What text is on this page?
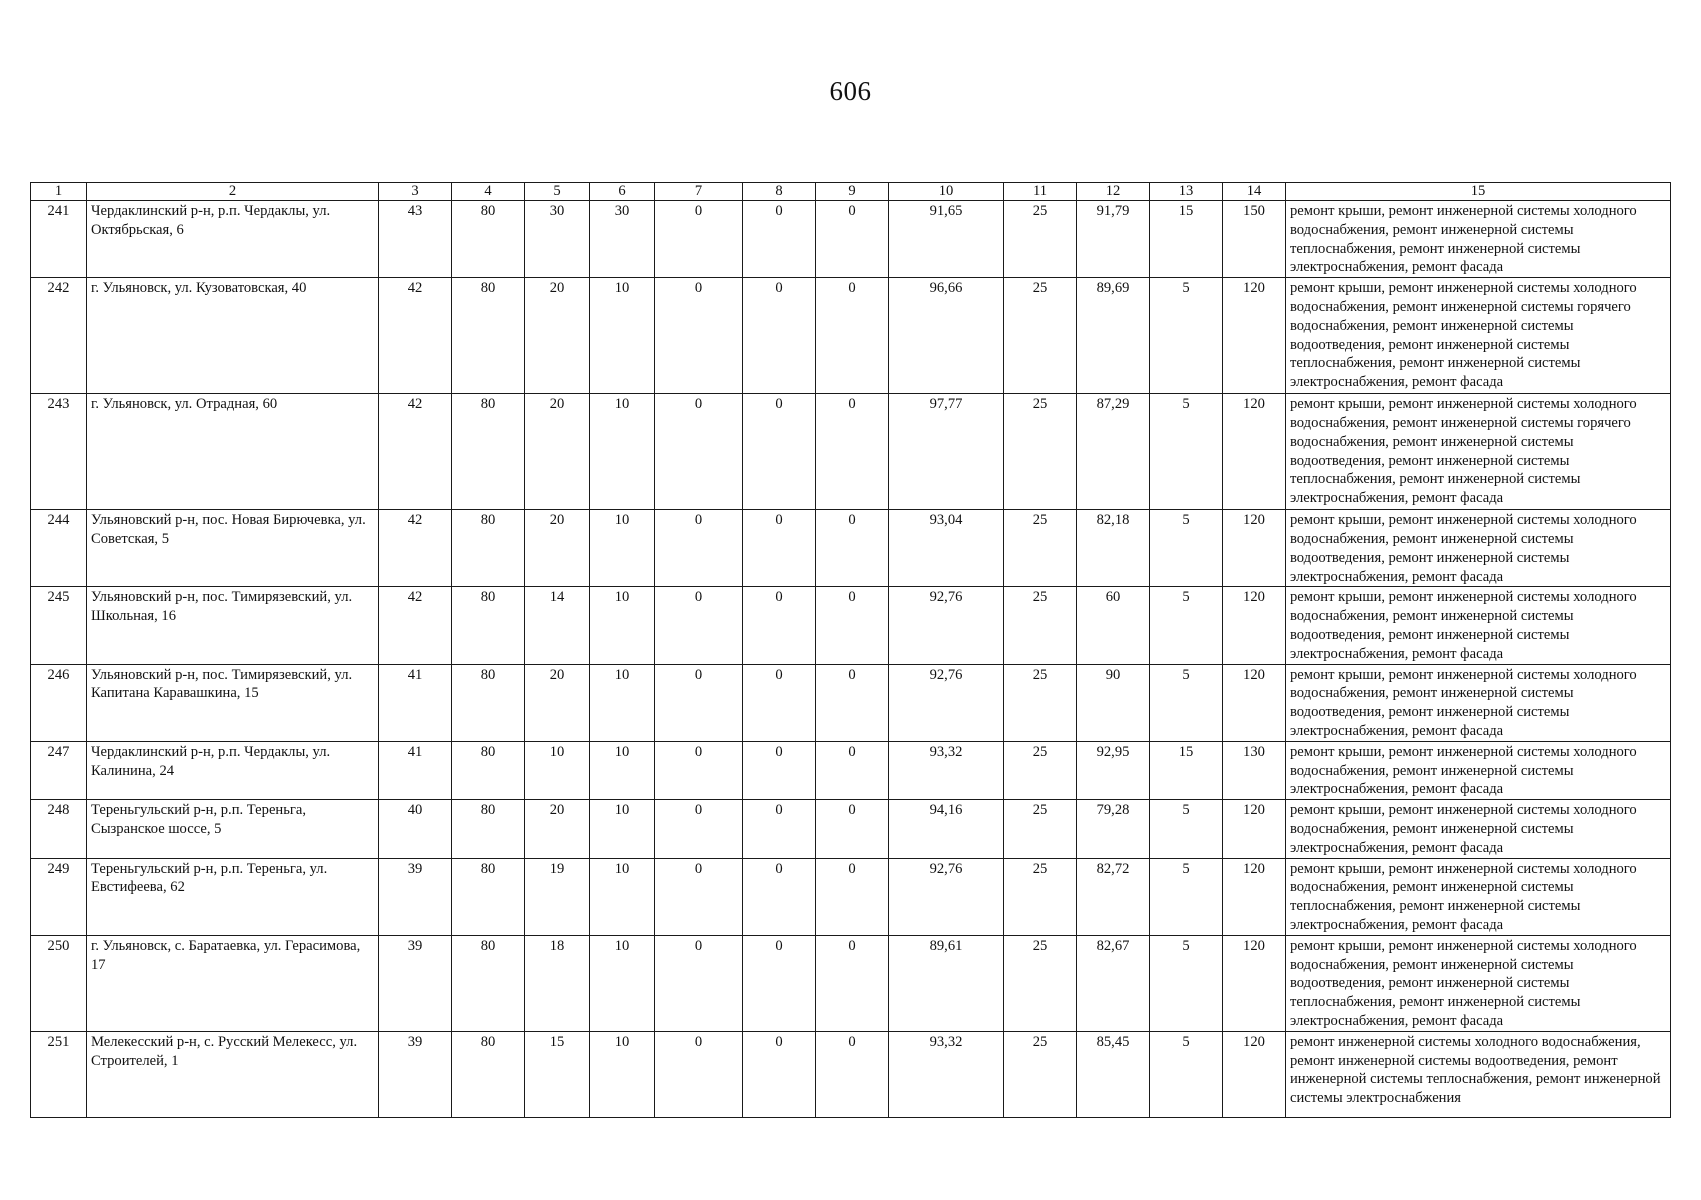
606
1	2	3	4	5	6	7	8	9	10	11	12	13	14	15
241	Чердаклинский р-н, р.п. Чердаклы, ул. Октябрьская, 6	43	80	30	30	0	0	0	91,65	25	91,79	15	150	ремонт крыши, ремонт инженерной системы холодного водоснабжения, ремонт инженерной системы теплоснабжения, ремонт инженерной системы электроснабжения, ремонт фасада
242	г. Ульяновск, ул. Кузоватовская, 40	42	80	20	10	0	0	0	96,66	25	89,69	5	120	ремонт крыши, ремонт инженерной системы холодного водоснабжения, ремонт инженерной системы горячего водоснабжения, ремонт инженерной системы водоотведения, ремонт инженерной системы теплоснабжения, ремонт инженерной системы электроснабжения, ремонт фасада
243	г. Ульяновск, ул. Отрадная, 60	42	80	20	10	0	0	0	97,77	25	87,29	5	120	ремонт крыши, ремонт инженерной системы холодного водоснабжения, ремонт инженерной системы горячего водоснабжения, ремонт инженерной системы водоотведения, ремонт инженерной системы теплоснабжения, ремонт инженерной системы электроснабжения, ремонт фасада
244	Ульяновский р-н, пос. Новая Бирючевка, ул. Советская, 5	42	80	20	10	0	0	0	93,04	25	82,18	5	120	ремонт крыши, ремонт инженерной системы холодного водоснабжения, ремонт инженерной системы водоотведения, ремонт инженерной системы электроснабжения, ремонт фасада
245	Ульяновский р-н, пос. Тимирязевский, ул. Школьная, 16	42	80	14	10	0	0	0	92,76	25	60	5	120	ремонт крыши, ремонт инженерной системы холодного водоснабжения, ремонт инженерной системы водоотведения, ремонт инженерной системы электроснабжения, ремонт фасада
246	Ульяновский р-н, пос. Тимирязевский, ул. Капитана Каравашкина, 15	41	80	20	10	0	0	0	92,76	25	90	5	120	ремонт крыши, ремонт инженерной системы холодного водоснабжения, ремонт инженерной системы водоотведения, ремонт инженерной системы электроснабжения, ремонт фасада
247	Чердаклинский р-н, р.п. Чердаклы, ул. Калинина, 24	41	80	10	10	0	0	0	93,32	25	92,95	15	130	ремонт крыши, ремонт инженерной системы холодного водоснабжения, ремонт инженерной системы электроснабжения, ремонт фасада
248	Тереньгульский р-н, р.п. Тереньга, Сызранское шоссе, 5	40	80	20	10	0	0	0	94,16	25	79,28	5	120	ремонт крыши, ремонт инженерной системы холодного водоснабжения, ремонт инженерной системы электроснабжения, ремонт фасада
249	Тереньгульский р-н, р.п. Тереньга, ул. Евстифеева, 62	39	80	19	10	0	0	0	92,76	25	82,72	5	120	ремонт крыши, ремонт инженерной системы холодного водоснабжения, ремонт инженерной системы теплоснабжения, ремонт инженерной системы электроснабжения, ремонт фасада
250	г. Ульяновск, с. Баратаевка, ул. Герасимова, 17	39	80	18	10	0	0	0	89,61	25	82,67	5	120	ремонт крыши, ремонт инженерной системы холодного водоснабжения, ремонт инженерной системы водоотведения, ремонт инженерной системы теплоснабжения, ремонт инженерной системы электроснабжения, ремонт фасада
251	Мелекесский р-н, с. Русский Мелекесс, ул. Строителей, 1	39	80	15	10	0	0	0	93,32	25	85,45	5	120	ремонт инженерной системы холодного водоснабжения, ремонт инженерной системы водоотведения, ремонт инженерной системы теплоснабжения, ремонт инженерной системы электроснабжения
